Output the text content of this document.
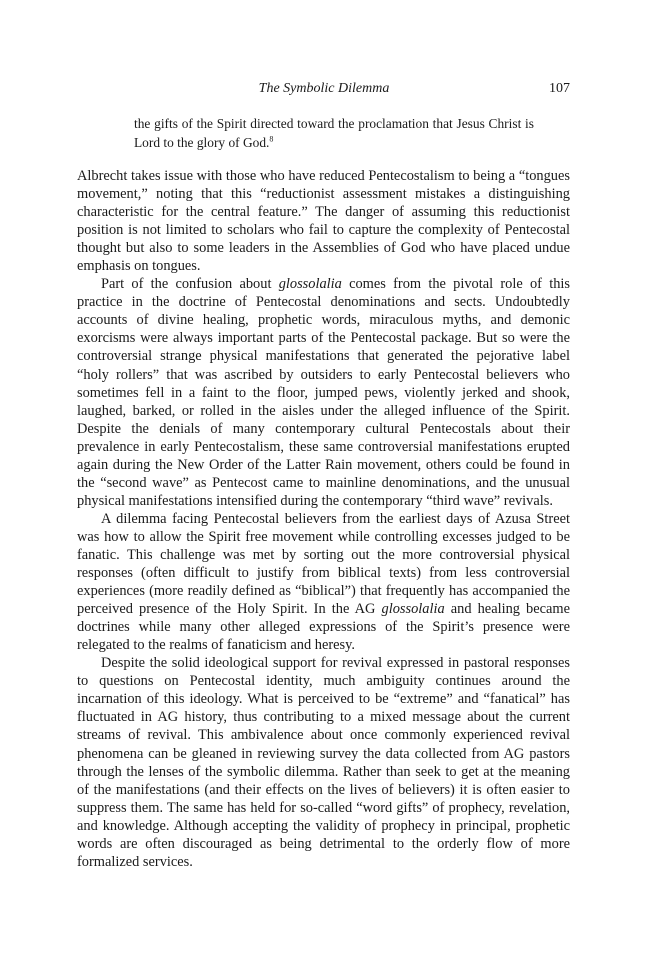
The Symbolic Dilemma	107
the gifts of the Spirit directed toward the proclamation that Jesus Christ is Lord to the glory of God.$^8$

Albrecht takes issue with those who have reduced Pentecostalism to being a “tongues movement,” noting that this “reductionist assessment mistakes a distinguishing characteristic for the central feature.” The danger of assuming this reductionist position is not limited to scholars who fail to capture the complexity of Pentecostal thought but also to some leaders in the Assemblies of God who have placed undue emphasis on tongues.

Part of the confusion about glossolalia comes from the pivotal role of this practice in the doctrine of Pentecostal denominations and sects. Undoubtedly accounts of divine healing, prophetic words, miraculous myths, and demonic exorcisms were always important parts of the Pentecostal package. But so were the controversial strange physical manifestations that generated the pejorative label “holy rollers” that was ascribed by outsiders to early Pentecostal believers who sometimes fell in a faint to the floor, jumped pews, violently jerked and shook, laughed, barked, or rolled in the aisles under the alleged influence of the Spirit. Despite the denials of many contemporary cultural Pentecostals about their prevalence in early Pentecostalism, these same controversial manifestations erupted again during the New Order of the Latter Rain movement, others could be found in the “second wave” as Pentecost came to mainline denominations, and the unusual physical manifestations intensified during the contemporary “third wave” revivals.

A dilemma facing Pentecostal believers from the earliest days of Azusa Street was how to allow the Spirit free movement while controlling excesses judged to be fanatic. This challenge was met by sorting out the more controversial physical responses (often difficult to justify from biblical texts) from less controversial experiences (more readily defined as “biblical”) that frequently has accompanied the perceived presence of the Holy Spirit. In the AG glossolalia and healing became doctrines while many other alleged expressions of the Spirit’s presence were relegated to the realms of fanaticism and heresy.

Despite the solid ideological support for revival expressed in pastoral responses to questions on Pentecostal identity, much ambiguity continues around the incarnation of this ideology. What is perceived to be “extreme” and “fanatical” has fluctuated in AG history, thus contributing to a mixed message about the current streams of revival. This ambivalence about once commonly experienced revival phenomena can be gleaned in reviewing survey the data collected from AG pastors through the lenses of the symbolic dilemma. Rather than seek to get at the meaning of the manifestations (and their effects on the lives of believers) it is often easier to suppress them. The same has held for so-called “word gifts” of prophecy, revelation, and knowledge. Although accepting the validity of prophecy in principal, prophetic words are often discouraged as being detrimental to the orderly flow of more formalized services.
